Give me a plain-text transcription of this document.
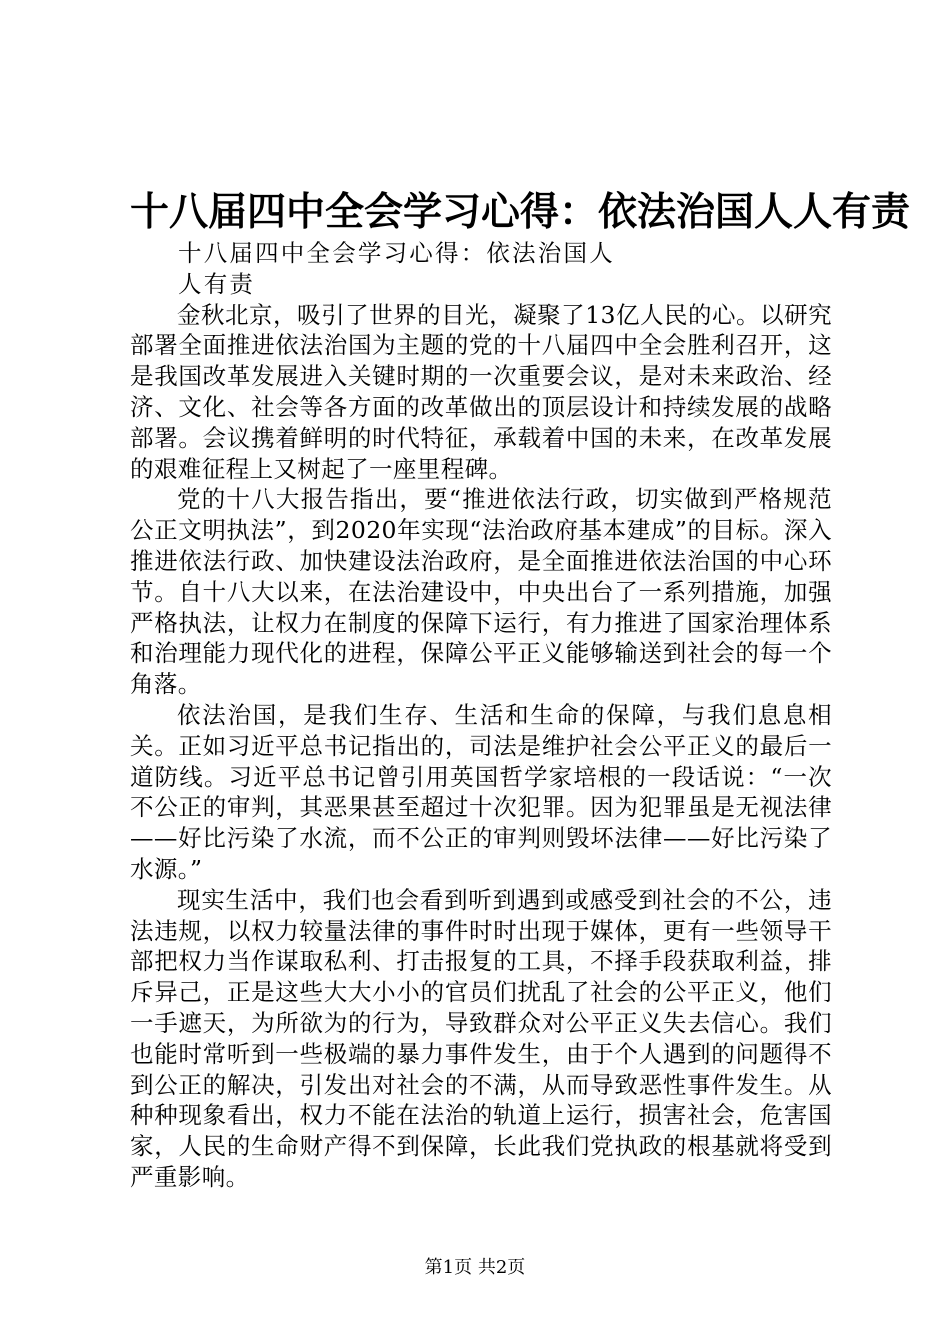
十八届四中全会学习心得：依法治国人人有责

十八届四中全会学习心得：依法治国人人有责

金秋北京，吸引了世界的目光，凝聚了13亿人民的心。以研究部署全面推进依法治国为主题的党的十八届四中全会胜利召开，这是我国改革发展进入关键时期的一次重要会议，是对未来政治、经济、文化、社会等各方面的改革做出的顶层设计和持续发展的战略部署。会议携着鲜明的时代特征，承载着中国的未来，在改革发展的艰难征程上又树起了一座里程碑。

党的十八大报告指出，要“推进依法行政，切实做到严格规范公正文明执法”，到2020年实现“法治政府基本建成”的目标。深入推进依法行政、加快建设法治政府，是全面推进依法治国的中心环节。自十八大以来，在法治建设中，中央出台了一系列措施，加强严格执法，让权力在制度的保障下运行，有力推进了国家治理体系和治理能力现代化的进程，保障公平正义能够输送到社会的每一个角落。

依法治国，是我们生存、生活和生命的保障，与我们息息相关。正如习近平总书记指出的，司法是维护社会公平正义的最后一道防线。习近平总书记曾引用英国哲学家培根的一段话说：“一次不公正的审判，其恶果甚至超过十次犯罪。因为犯罪虽是无视法律——好比污染了水流，而不公正的审判则毁坏法律——好比污染了水源。”

现实生活中，我们也会看到听到遇到或感受到社会的不公，违法违规，以权力较量法律的事件时时出现于媒体，更有一些领导干部把权力当作谋取私利、打击报复的工具，不择手段获取利益，排斥异己，正是这些大大小小的官员们扰乱了社会的公平正义，他们一手遮天，为所欲为的行为，导致群众对公平正义失去信心。我们也能时常听到一些极端的暴力事件发生，由于个人遇到的问题得不到公正的解决，引发出对社会的不满，从而导致恶性事件发生。从种种现象看出，权力不能在法治的轨道上运行，损害社会，危害国家，人民的生命财产得不到保障，长此我们党执政的根基就将受到严重影响。

第1页 共2页
